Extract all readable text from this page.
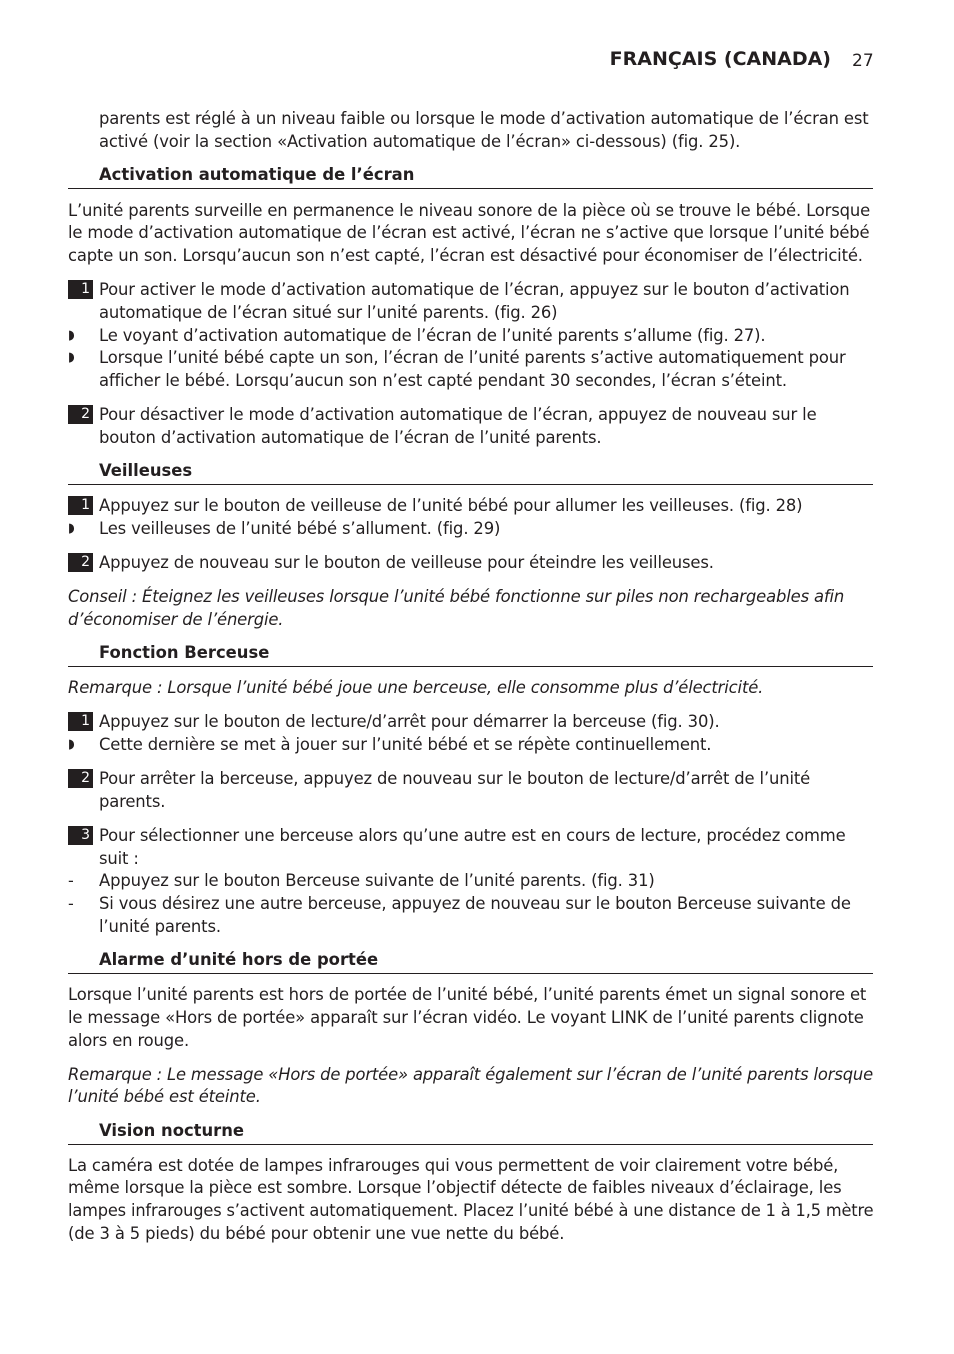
FRANÇAIS (CANADA) 27
parents est réglé à un niveau faible ou lorsque le mode d’activation automatique de l’écran est
activé (voir la section «Activation automatique de l’écran» ci-dessous) (fig. 25).
Activation automatique de l’écran
L’unité parents surveille en permanence le niveau sonore de la pièce où se trouve le bébé. Lorsque
le mode d’activation automatique de l’écran est activé, l’écran ne s’active que lorsque l’unité bébé
capte un son. Lorsqu’aucun son n’est capté, l’écran est désactivé pour économiser de l’électricité.
1 Pour activer le mode d’activation automatique de l’écran, appuyez sur le bouton d’activation
automatique de l’écran situé sur l’unité parents. (fig. 26)
◗ Le voyant d’activation automatique de l’écran de l’unité parents s’allume (fig. 27).
◗ Lorsque l’unité bébé capte un son, l’écran de l’unité parents s’active automatiquement pour
afficher le bébé. Lorsqu’aucun son n’est capté pendant 30 secondes, l’écran s’éteint.
2 Pour désactiver le mode d’activation automatique de l’écran, appuyez de nouveau sur le
bouton d’activation automatique de l’écran de l’unité parents.
Veilleuses
1 Appuyez sur le bouton de veilleuse de l’unité bébé pour allumer les veilleuses. (fig. 28)
◗ Les veilleuses de l’unité bébé s’allument. (fig. 29)
2 Appuyez de nouveau sur le bouton de veilleuse pour éteindre les veilleuses.
Conseil : Éteignez les veilleuses lorsque l’unité bébé fonctionne sur piles non rechargeables afin
d’économiser de l’énergie.
Fonction Berceuse
Remarque : Lorsque l’unité bébé joue une berceuse, elle consomme plus d’électricité.
1 Appuyez sur le bouton de lecture/d’arrêt pour démarrer la berceuse (fig. 30).
◗ Cette dernière se met à jouer sur l’unité bébé et se répète continuellement.
2 Pour arrêter la berceuse, appuyez de nouveau sur le bouton de lecture/d’arrêt de l’unité
parents.
3 Pour sélectionner une berceuse alors qu’une autre est en cours de lecture, procédez comme
suit :
- Appuyez sur le bouton Berceuse suivante de l’unité parents. (fig. 31)
- Si vous désirez une autre berceuse, appuyez de nouveau sur le bouton Berceuse suivante de
l’unité parents.
Alarme d’unité hors de portée
Lorsque l’unité parents est hors de portée de l’unité bébé, l’unité parents émet un signal sonore et
le message «Hors de portée» apparaît sur l’écran vidéo. Le voyant LINK de l’unité parents clignote
alors en rouge.
Remarque : Le message «Hors de portée» apparaît également sur l’écran de l’unité parents lorsque
l’unité bébé est éteinte.
Vision nocturne
La caméra est dotée de lampes infrarouges qui vous permettent de voir clairement votre bébé,
même lorsque la pièce est sombre. Lorsque l’objectif détecte de faibles niveaux d’éclairage, les
lampes infrarouges s’activent automatiquement. Placez l’unité bébé à une distance de 1 à 1,5 mètre
(de 3 à 5 pieds) du bébé pour obtenir une vue nette du bébé.
